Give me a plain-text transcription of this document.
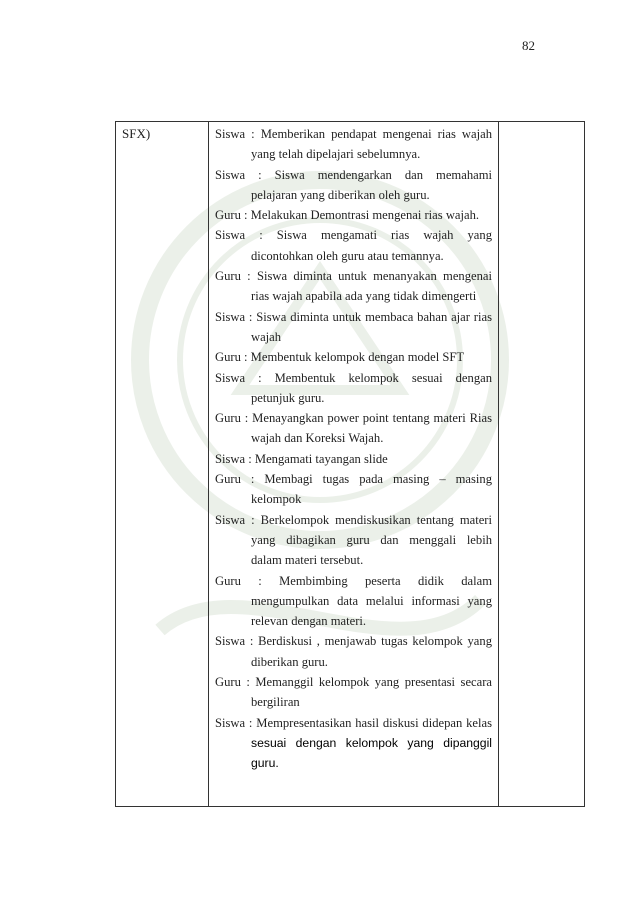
82
SFX)	Siswa : Memberikan pendapat mengenai rias wajah
yang telah dipelajari sebelumnya.
Siswa : Siswa mendengarkan dan memahami
pelajaran yang diberikan oleh guru.
Guru : Melakukan Demontrasi mengenai rias wajah.
Siswa : Siswa mengamati rias wajah yang
dicontohkan oleh guru atau temannya.
Guru : Siswa diminta untuk menanyakan mengenai
rias wajah apabila ada yang tidak dimengerti
Siswa : Siswa diminta untuk membaca bahan ajar rias
wajah
Guru : Membentuk kelompok dengan model SFT
Siswa : Membentuk kelompok sesuai dengan
petunjuk guru.
Guru : Menayangkan power point tentang materi Rias
wajah dan Koreksi Wajah.
Siswa : Mengamati tayangan slide
Guru : Membagi tugas pada masing – masing
kelompok
Siswa : Berkelompok mendiskusikan tentang materi
yang dibagikan guru dan menggali lebih
dalam materi tersebut.
Guru : Membimbing peserta didik dalam
mengumpulkan data melalui informasi yang
relevan dengan materi.
Siswa : Berdiskusi , menjawab tugas kelompok yang
diberikan guru.
Guru : Memanggil kelompok yang presentasi secara
bergiliran
Siswa : Mempresentasikan hasil diskusi didepan kelas
sesuai dengan kelompok yang dipanggil guru.
